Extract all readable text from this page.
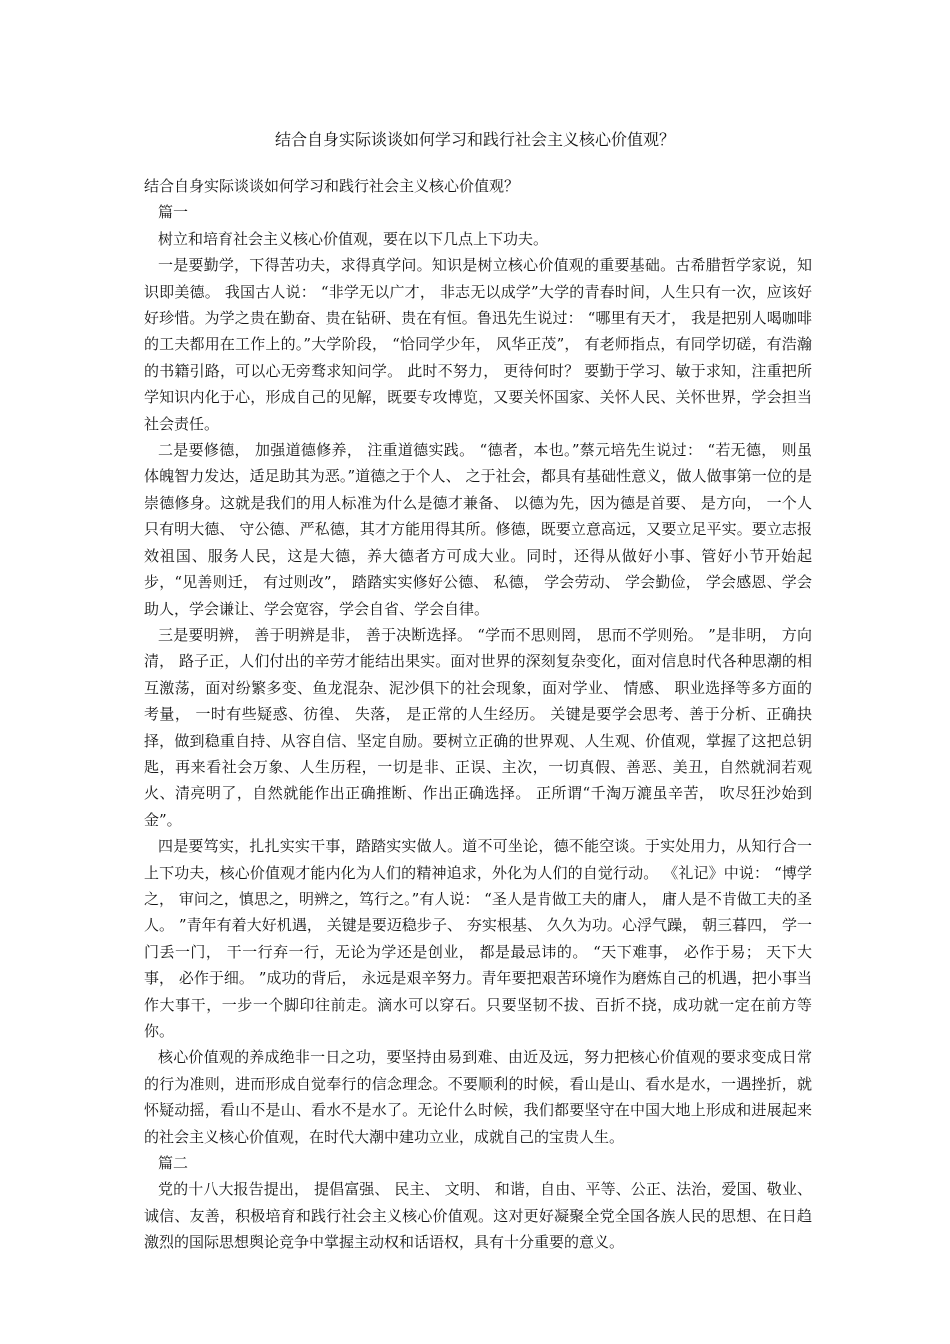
结合自身实际谈谈如何学习和践行社会主义核心价值观？

结合自身实际谈谈如何学习和践行社会主义核心价值观？

篇一

树立和培育社会主义核心价值观，要在以下几点上下功夫。

一是要勤学，下得苦功夫，求得真学问。知识是树立核心价值观的重要基础。古希腊哲学家说，知识即美德。 我国古人说： “非学无以广才， 非志无以成学”大学的青春时间，人生只有一次，应该好好珍惜。为学之贵在勤奋、贵在钻研、贵在有恒。鲁迅先生说过： “哪里有天才， 我是把别人喝咖啡的工夫都用在工作上的。”大学阶段， “恰同学少年， 风华正茂”， 有老师指点，有同学切磋，有浩瀚的书籍引路，可以心无旁骛求知问学。 此时不努力， 更待何时？ 要勤于学习、敏于求知，注重把所学知识内化于心，形成自己的见解，既要专攻博览，又要关怀国家、关怀人民、关怀世界，学会担当社会责任。

二是要修德， 加强道德修养， 注重道德实践。 “德者，本也。”蔡元培先生说过： “若无德， 则虽体魄智力发达，适足助其为恶。”道德之于个人、 之于社会，都具有基础性意义，做人做事第一位的是崇德修身。这就是我们的用人标准为什么是德才兼备、 以德为先，因为德是首要、 是方向， 一个人只有明大德、 守公德、严私德，其才方能用得其所。修德，既要立意高远，又要立足平实。要立志报效祖国、服务人民，这是大德，养大德者方可成大业。同时，还得从做好小事、管好小节开始起步，“见善则迁， 有过则改”， 踏踏实实修好公德、 私德， 学会劳动、 学会勤俭， 学会感恩、学会助人，学会谦让、学会宽容，学会自省、学会自律。

三是要明辨， 善于明辨是非， 善于决断选择。 “学而不思则罔， 思而不学则殆。 ”是非明， 方向清， 路子正，人们付出的辛劳才能结出果实。面对世界的深刻复杂变化，面对信息时代各种思潮的相互激荡，面对纷繁多变、鱼龙混杂、泥沙俱下的社会现象，面对学业、 情感、 职业选择等多方面的考量， 一时有些疑惑、彷徨、 失落， 是正常的人生经历。 关键是要学会思考、善于分析、正确抉择，做到稳重自持、从容自信、坚定自励。要树立正确的世界观、人生观、价值观，掌握了这把总钥匙，再来看社会万象、人生历程，一切是非、正误、主次，一切真假、善恶、美丑，自然就洞若观火、清亮明了，自然就能作出正确推断、作出正确选择。 正所谓“千淘万漉虽辛苦， 吹尽狂沙始到金”。

四是要笃实，扎扎实实干事，踏踏实实做人。道不可坐论，德不能空谈。于实处用力，从知行合一上下功夫，核心价值观才能内化为人们的精神追求，外化为人们的自觉行动。 《礼记》中说： “博学之， 审问之，慎思之，明辨之，笃行之。”有人说： “圣人是肯做工夫的庸人， 庸人是不肯做工夫的圣人。 ”青年有着大好机遇， 关键是要迈稳步子、 夯实根基、 久久为功。心浮气躁， 朝三暮四， 学一门丢一门， 干一行弃一行，无论为学还是创业， 都是最忌讳的。 “天下难事， 必作于易； 天下大事， 必作于细。 ”成功的背后， 永远是艰辛努力。青年要把艰苦环境作为磨炼自己的机遇，把小事当作大事干，一步一个脚印往前走。滴水可以穿石。只要坚韧不拔、百折不挠，成功就一定在前方等你。

核心价值观的养成绝非一日之功，要坚持由易到难、由近及远，努力把核心价值观的要求变成日常的行为准则，进而形成自觉奉行的信念理念。不要顺利的时候，看山是山、看水是水，一遇挫折，就怀疑动摇，看山不是山、看水不是水了。无论什么时候，我们都要坚守在中国大地上形成和进展起来的社会主义核心价值观，在时代大潮中建功立业，成就自己的宝贵人生。

篇二

党的十八大报告提出， 提倡富强、 民主、 文明、 和谐，自由、平等、公正、法治，爱国、敬业、诚信、友善，积极培育和践行社会主义核心价值观。这对更好凝聚全党全国各族人民的思想、在日趋激烈的国际思想舆论竞争中掌握主动权和话语权，具有十分重要的意义。
